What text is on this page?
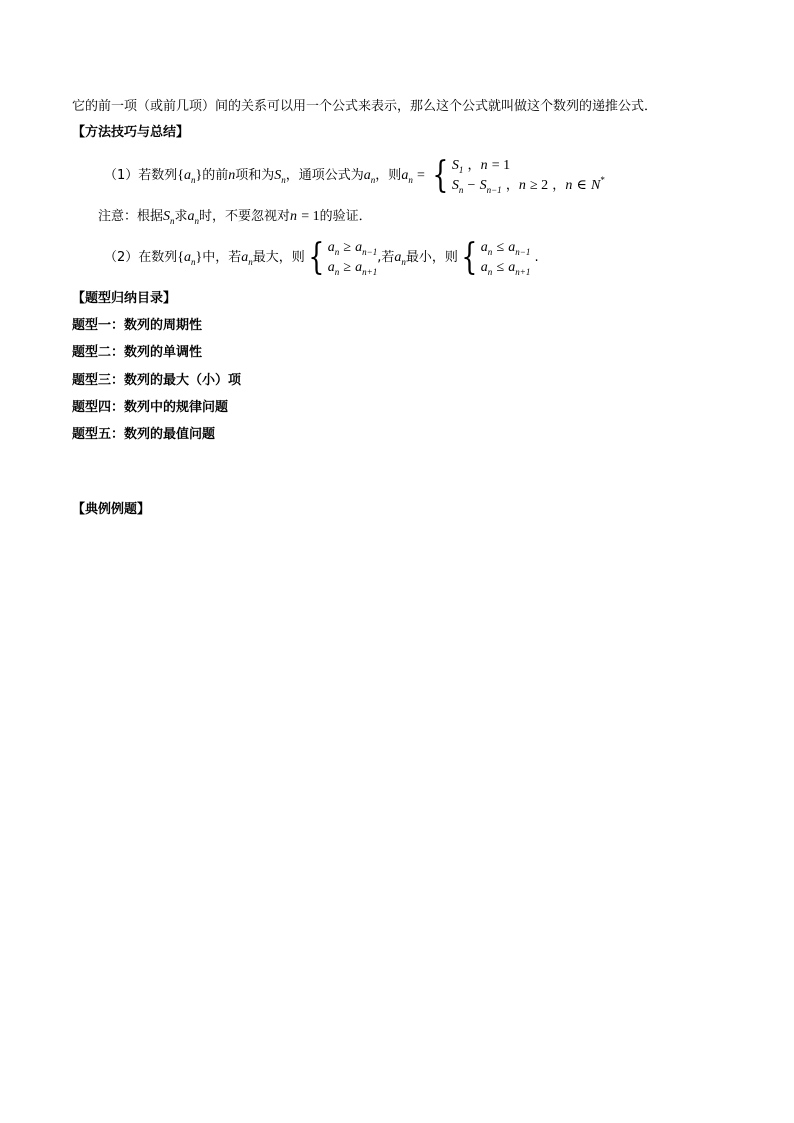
它的前一项（或前几项）间的关系可以用一个公式来表示，那么这个公式就叫做这个数列的递推公式．
【方法技巧与总结】
（1）若数列$\{a_n\}$的前n项和为$S_n$，通项公式为$a_n$，则$a_n$ = { $S_1$ ，n = 1
$S_n - S_{n-1}$ ，n ≥ 2 ，n ∈ N*
注意：根据$S_n$求$a_n$时，不要忽视对n = 1的验证．
（2）在数列$\{a_n\}$中，若$a_n$最大，则{ $a_n \ge a_{n-1}$
$a_n \ge a_{n+1}$
,若$a_n$最小，则{ $a_n \le a_{n-1}$
$a_n \le a_{n+1}$
.
【题型归纳目录】
题型一：数列的周期性
题型二：数列的单调性
题型三：数列的最大（小）项
题型四：数列中的规律问题
题型五：数列的最值问题
【典例例题】
